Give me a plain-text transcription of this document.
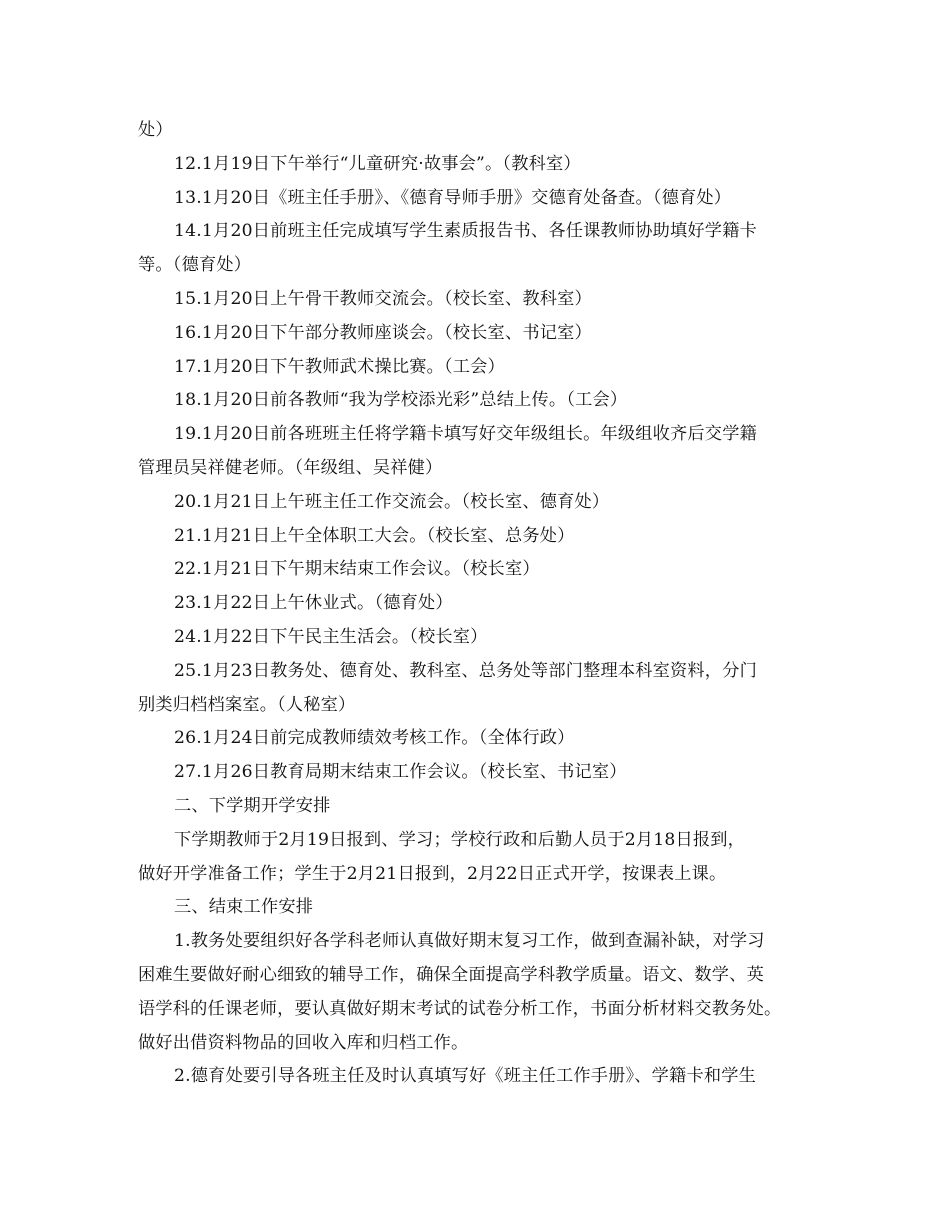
处）
12.1月19日下午举行“儿童研究·故事会”。（教科室）
13.1月20日《班主任手册》、《德育导师手册》交德育处备查。（德育处）
14.1月20日前班主任完成填写学生素质报告书、各任课教师协助填好学籍卡
等。（德育处）
15.1月20日上午骨干教师交流会。（校长室、教科室）
16.1月20日下午部分教师座谈会。（校长室、书记室）
17.1月20日下午教师武术操比赛。（工会）
18.1月20日前各教师“我为学校添光彩”总结上传。（工会）
19.1月20日前各班班主任将学籍卡填写好交年级组长。年级组收齐后交学籍
管理员吴祥健老师。（年级组、吴祥健）
20.1月21日上午班主任工作交流会。（校长室、德育处）
21.1月21日上午全体职工大会。（校长室、总务处）
22.1月21日下午期末结束工作会议。（校长室）
23.1月22日上午休业式。（德育处）
24.1月22日下午民主生活会。（校长室）
25.1月23日教务处、德育处、教科室、总务处等部门整理本科室资料，分门
别类归档档案室。（人秘室）
26.1月24日前完成教师绩效考核工作。（全体行政）
27.1月26日教育局期末结束工作会议。（校长室、书记室）
二、下学期开学安排
下学期教师于2月19日报到、学习；学校行政和后勤人员于2月18日报到，
做好开学准备工作；学生于2月21日报到，2月22日正式开学，按课表上课。
三、结束工作安排
1.教务处要组织好各学科老师认真做好期末复习工作，做到查漏补缺，对学习
困难生要做好耐心细致的辅导工作，确保全面提高学科教学质量。语文、数学、英
语学科的任课老师，要认真做好期末考试的试卷分析工作，书面分析材料交教务处。
做好出借资料物品的回收入库和归档工作。
2.德育处要引导各班主任及时认真填写好《班主任工作手册》、学籍卡和学生
